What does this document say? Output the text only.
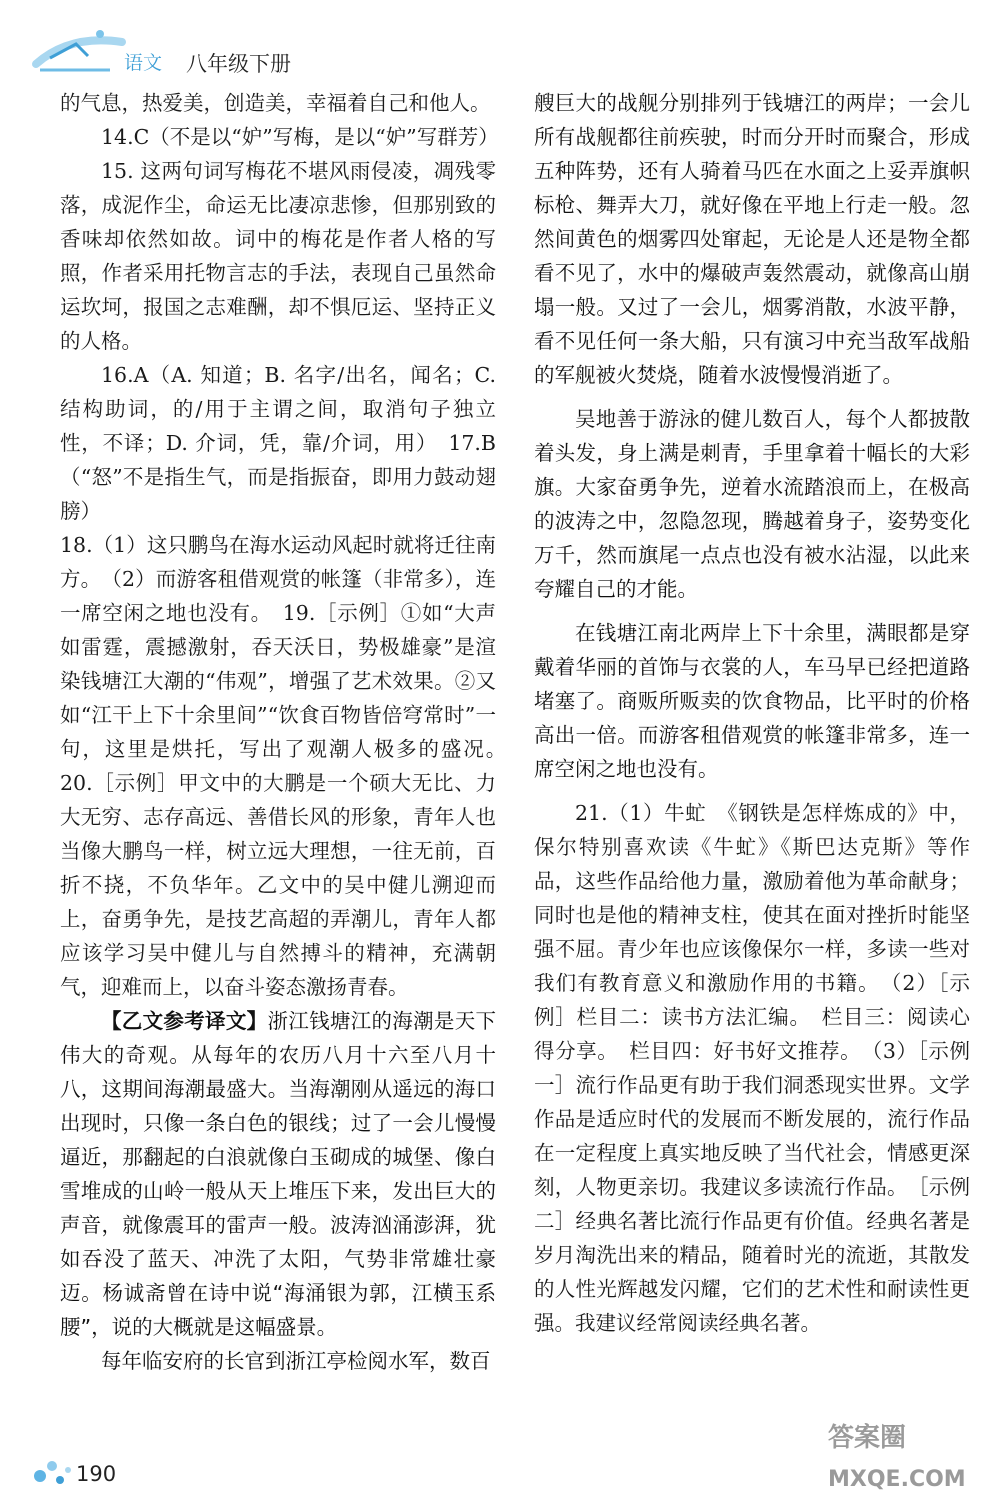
语文 八年级下册

的气息，热爱美，创造美，幸福着自己和他人。

14.C（不是以“妒”写梅，是以“妒”写群芳）

15. 这两句词写梅花不堪风雨侵凌，凋残零落，成泥作尘，命运无比凄凉悲惨，但那别致的香味却依然如故。词中的梅花是作者人格的写照，作者采用托物言志的手法，表现自己虽然命运坎坷，报国之志难酬，却不惧厄运、坚持正义的人格。

16.A（A. 知道；B. 名字/出名，闻名；C. 结构助词，的/用于主谓之间，取消句子独立性，不译；D. 介词，凭，靠/介词，用）　17.B（“怒”不是指生气，而是指振奋，即用力鼓动翅膀）

18.（1）这只鹏鸟在海水运动风起时就将迁往南方。　（2）而游客租借观赏的帐篷（非常多），连一席空闲之地也没有。　19.［示例］①如“大声如雷霆，震撼激射，吞天沃日，势极雄豪”是渲染钱塘江大潮的“伟观”，增强了艺术效果。②又如“江干上下十余里间”“饮食百物皆倍穹常时”一句，这里是烘托，写出了观潮人极多的盛况。　20.［示例］甲文中的大鹏是一个硕大无比、力大无穷、志存高远、善借长风的形象，青年人也当像大鹏鸟一样，树立远大理想，一往无前，百折不挠，不负华年。乙文中的吴中健儿溯迎而上，奋勇争先，是技艺高超的弄潮儿，青年人都应该学习吴中健儿与自然搏斗的精神，充满朝气，迎难而上，以奋斗姿态激扬青春。

【乙文参考译文】浙江钱塘江的海潮是天下伟大的奇观。从每年的农历八月十六至八月十八，这期间海潮最盛大。当海潮刚从遥远的海口出现时，只像一条白色的银线；过了一会儿慢慢逼近，那翻起的白浪就像白玉砌成的城堡、像白雪堆成的山岭一般从天上堆压下来，发出巨大的声音，就像震耳的雷声一般。波涛汹涌澎湃，犹如吞没了蓝天、冲洗了太阳，气势非常雄壮豪迈。杨诚斋曾在诗中说“海涌银为郭，江横玉系腰”，说的大概就是这幅盛景。

每年临安府的长官到浙江亭检阅水军，数百

艘巨大的战舰分别排列于钱塘江的两岸；一会儿所有战舰都往前疾驶，时而分开时而聚合，形成五种阵势，还有人骑着马匹在水面之上妥弄旗帜标枪、舞弄大刀，就好像在平地上行走一般。忽然间黄色的烟雾四处窜起，无论是人还是物全都看不见了，水中的爆破声轰然震动，就像高山崩塌一般。又过了一会儿，烟雾消散，水波平静，看不见任何一条大船，只有演习中充当敌军战船的军舰被火焚烧，随着水波慢慢消逝了。

吴地善于游泳的健儿数百人，每个人都披散着头发，身上满是刺青，手里拿着十幅长的大彩旗。大家奋勇争先，逆着水流踏浪而上，在极高的波涛之中，忽隐忽现，腾越着身子，姿势变化万千，然而旗尾一点点也没有被水沾湿，以此来夸耀自己的才能。

在钱塘江南北两岸上下十余里，满眼都是穿戴着华丽的首饰与衣裳的人，车马早已经把道路堵塞了。商贩所贩卖的饮食物品，比平时的价格高出一倍。而游客租借观赏的帐篷非常多，连一席空闲之地也没有。

21.（1）牛虻　《钢铁是怎样炼成的》中，保尔特别喜欢读《牛虻》《斯巴达克斯》等作品，这些作品给他力量，激励着他为革命献身；同时也是他的精神支柱，使其在面对挫折时能坚强不屈。青少年也应该像保尔一样，多读一些对我们有教育意义和激励作用的书籍。　（2）［示例］栏目二：读书方法汇编。　栏目三：阅读心得分享。　栏目四：好书好文推荐。　（3）［示例一］流行作品更有助于我们洞悉现实世界。文学作品是适应时代的发展而不断发展的，流行作品在一定程度上真实地反映了当代社会，情感更深刻，人物更亲切。我建议多读流行作品。　［示例二］经典名著比流行作品更有价值。经典名著是岁月淘洗出来的精品，随着时光的流逝，其散发的人性光辉越发闪耀，它们的艺术性和耐读性更强。我建议经常阅读经典名著。

190
答案圈
MXQE.COM
